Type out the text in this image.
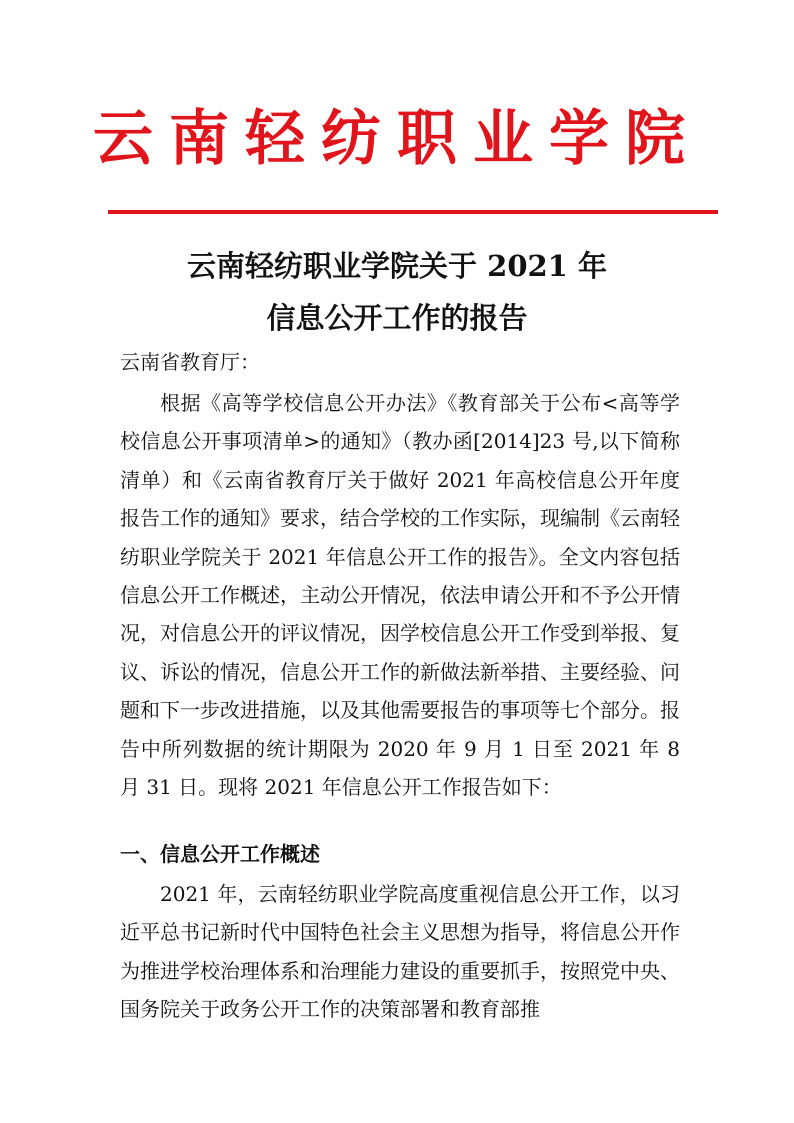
云南轻纺职业学院
云南轻纺职业学院关于 2021 年
信息公开工作的报告
云南省教育厅：

根据《高等学校信息公开办法》《教育部关于公布<高等学校信息公开事项清单>的通知》（教办函[2014]23 号,以下简称清单）和《云南省教育厅关于做好 2021 年高校信息公开年度报告工作的通知》要求，结合学校的工作实际，现编制《云南轻纺职业学院关于 2021 年信息公开工作的报告》。全文内容包括信息公开工作概述，主动公开情况，依法申请公开和不予公开情况，对信息公开的评议情况，因学校信息公开工作受到举报、复议、诉讼的情况，信息公开工作的新做法新举措、主要经验、问题和下一步改进措施，以及其他需要报告的事项等七个部分。报告中所列数据的统计期限为 2020 年 9 月 1 日至 2021 年 8 月 31 日。现将 2021 年信息公开工作报告如下：

一、信息公开工作概述

2021 年，云南轻纺职业学院高度重视信息公开工作，以习近平总书记新时代中国特色社会主义思想为指导，将信息公开作为推进学校治理体系和治理能力建设的重要抓手，按照党中央、国务院关于政务公开工作的决策部署和教育部推
